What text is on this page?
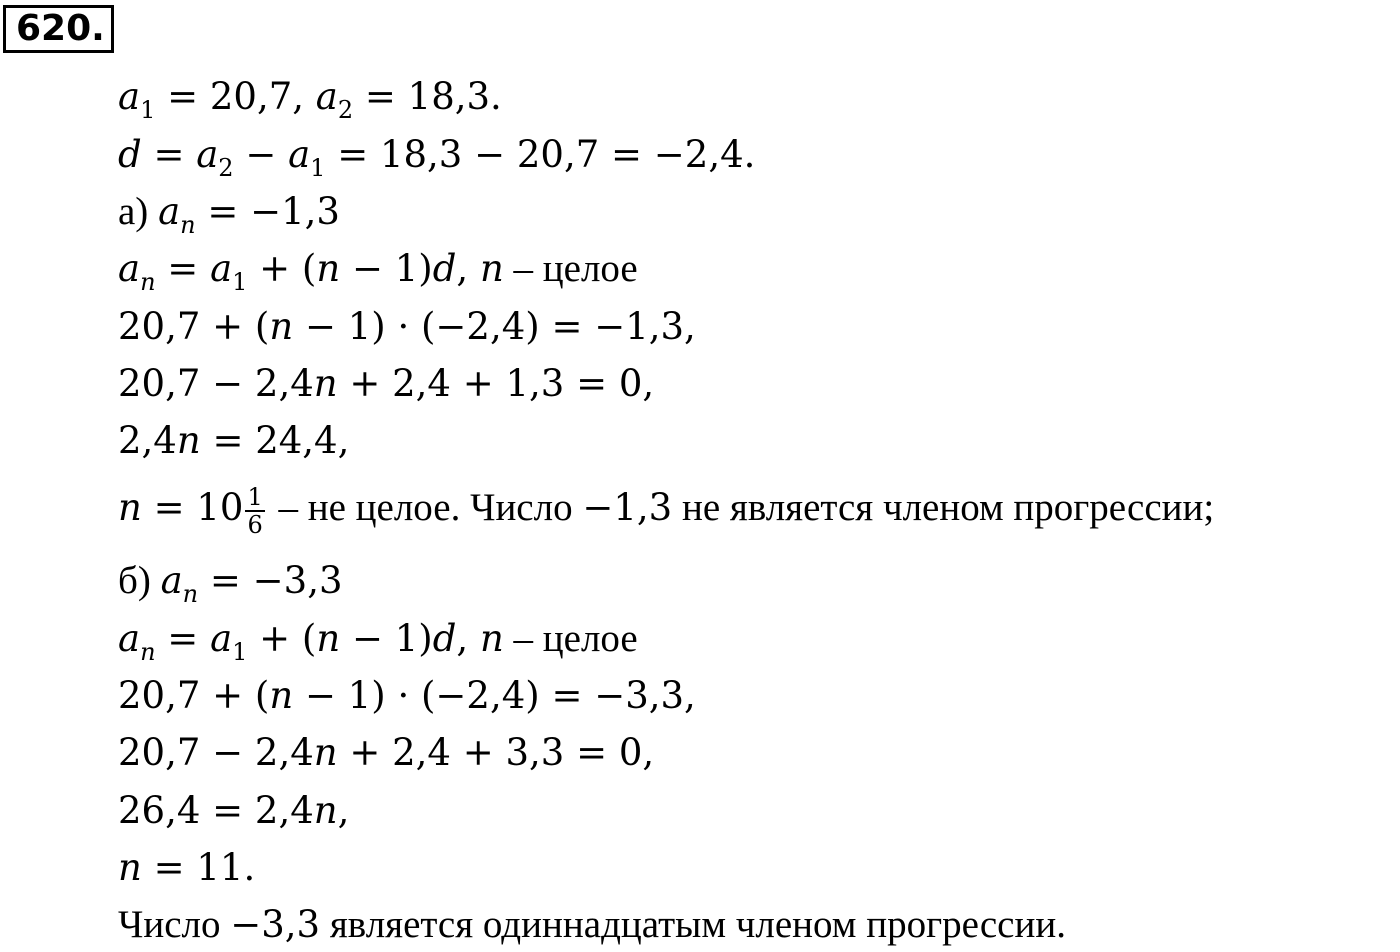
620.
$a_1 = 20,7$, $a_2 = 18,3$.
$d = a_2 - a_1 = 18,3 - 20,7 = -2,4$.
а) $a_n = -1,3$
$a_n = a_1 + (n - 1)d$, n – целое
20,7 + (n − 1) · (−2,4) = −1,3,
20,7 − 2,4n + 2,4 + 1,3 = 0,
2,4n = 24,4,
$n = 10 \frac{1}{6}$ – не целое. Число −1,3 не является членом прогрессии;
б) $a_n = -3,3$
$a_n = a_1 + (n - 1)d$, n – целое
20,7 + (n − 1) · (−2,4) = −3,3,
20,7 − 2,4n + 2,4 + 3,3 = 0,
26,4 = 2,4n,
n = 11.
Число −3,3 является одиннадцатым членом прогрессии.
